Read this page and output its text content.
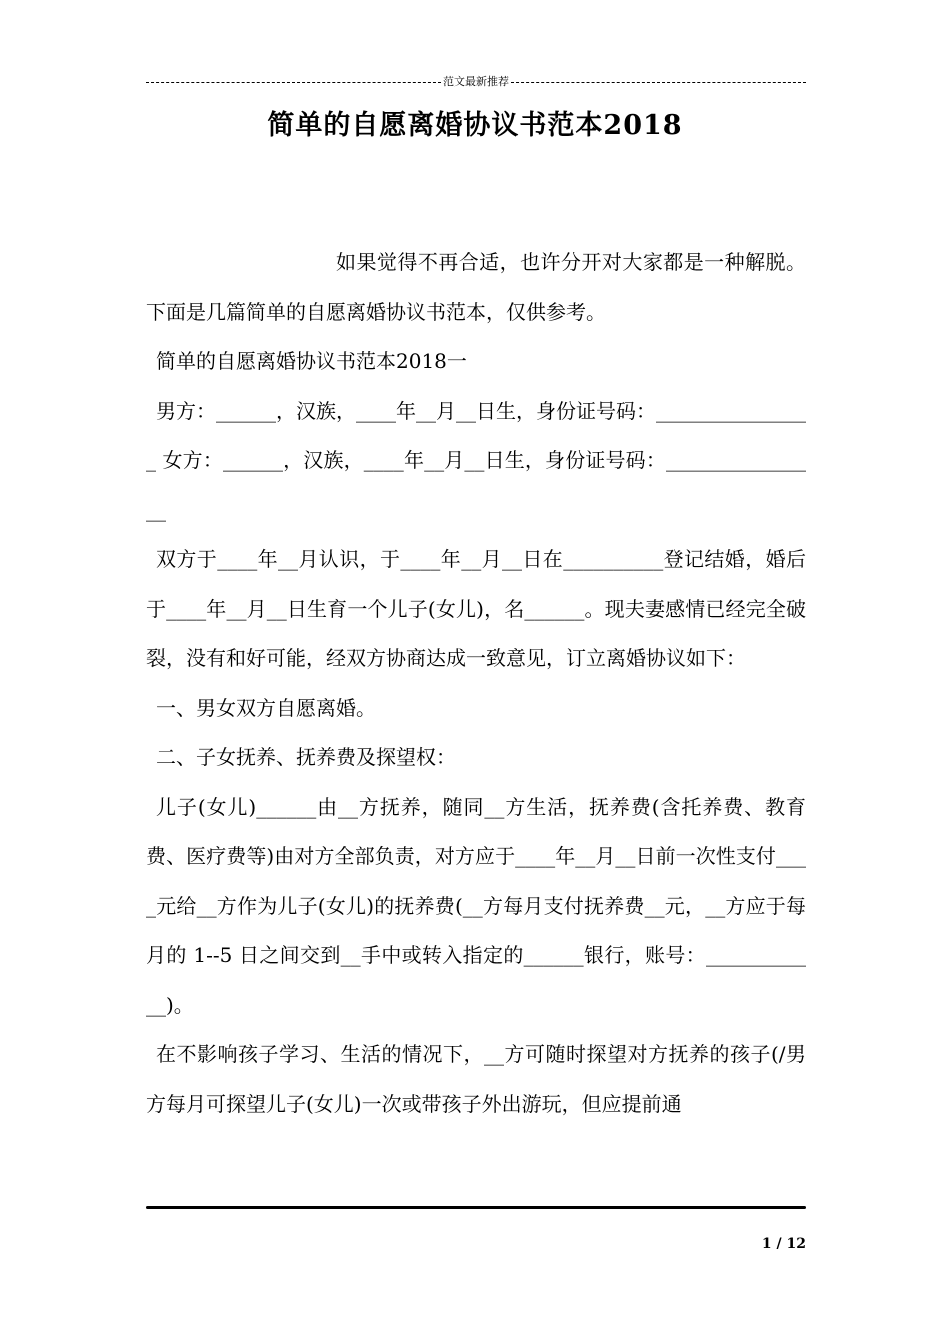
范文最新推荐
简单的自愿离婚协议书范本2018

如果觉得不再合适，也许分开对大家都是一种解脱。下面是几篇简单的自愿离婚协议书范本，仅供参考。

简单的自愿离婚协议书范本2018一

男方：______，汉族，____年__月__日生，身份证号码：________________ 女方：______，汉族，____年__月__日生，身份证号码：________________

双方于____年__月认识，于____年__月__日在__________登记结婚，婚后于____年__月__日生育一个儿子(女儿)，名______。现夫妻感情已经完全破裂，没有和好可能，经双方协商达成一致意见，订立离婚协议如下：

一、男女双方自愿离婚。

二、子女抚养、抚养费及探望权：

儿子(女儿)______由__方抚养，随同__方生活，抚养费(含托养费、教育费、医疗费等)由对方全部负责，对方应于____年__月__日前一次性支付____元给__方作为儿子(女儿)的抚养费(__方每月支付抚养费__元，__方应于每月的 1--5 日之间交到__手中或转入指定的______银行，账号：____________)。

在不影响孩子学习、生活的情况下，__方可随时探望对方抚养的孩子(/男方每月可探望儿子(女儿)一次或带孩子外出游玩，但应提前通

1 / 12
